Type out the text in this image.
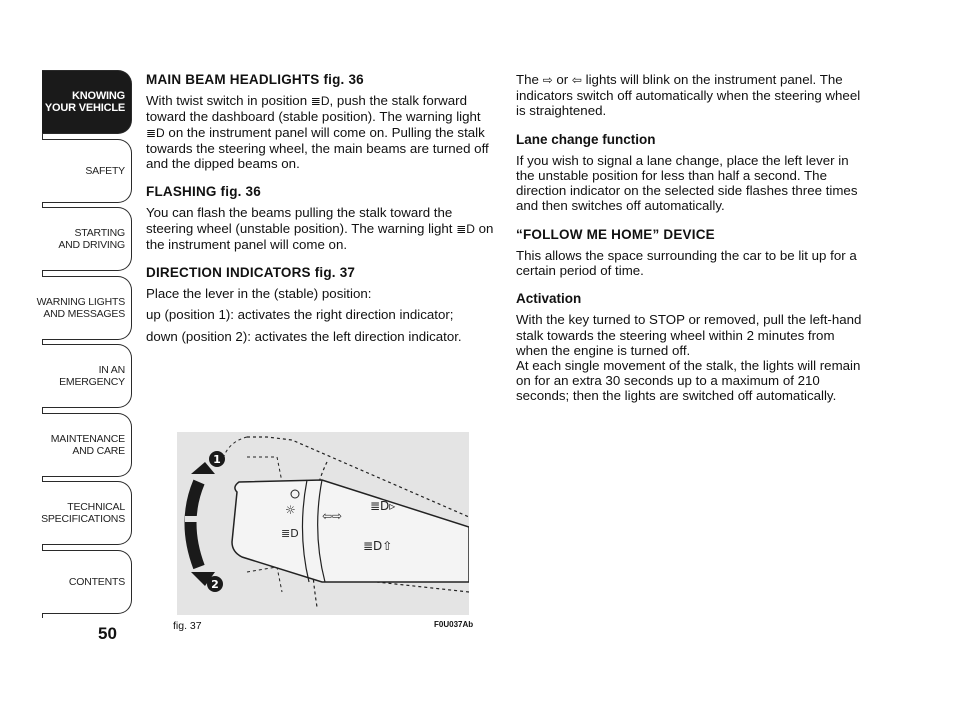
KNOWING
YOUR VEHICLE
SAFETY
STARTING
AND DRIVING
WARNING LIGHTS
AND MESSAGES
IN AN
EMERGENCY
MAINTENANCE
AND CARE
TECHNICAL
SPECIFICATIONS
CONTENTS
50
MAIN BEAM HEADLIGHTS fig. 36

With twist switch in position ≣D, push the stalk forward toward the dashboard (stable position). The warning light ≣D on the instrument panel will come on. Pulling the stalk towards the steering wheel, the main beams are turned off and the dipped beams on.

FLASHING fig. 36

You can flash the beams pulling the stalk toward the steering wheel (unstable position). The warning light ≣D on the instrument panel will come on.

DIRECTION INDICATORS fig. 37

Place the lever in the (stable) position:

up (position 1): activates the right direction indicator;

down (position 2): activates the left direction indicator.

The ⇨ or ⇦ lights will blink on the instrument panel. The indicators switch off automatically when the steering wheel is straightened.

Lane change function

If you wish to signal a lane change, place the left lever in the unstable position for less than half a second. The direction indicator on the selected side flashes three times and then switches off automatically.

“FOLLOW ME HOME” DEVICE

This allows the space surrounding the car to be lit up for a certain period of time.

Activation

With the key turned to STOP or removed, pull the left-hand stalk towards the steering wheel within 2 minutes from when the engine is turned off.

At each single movement of the stalk, the lights will remain on for an extra 30 seconds up to a maximum of 210 seconds; then the lights are switched off automatically.

☼
≣D
≣D▹
⇦⇨
≣D⇧
1
2
fig. 37	F0U037Ab
